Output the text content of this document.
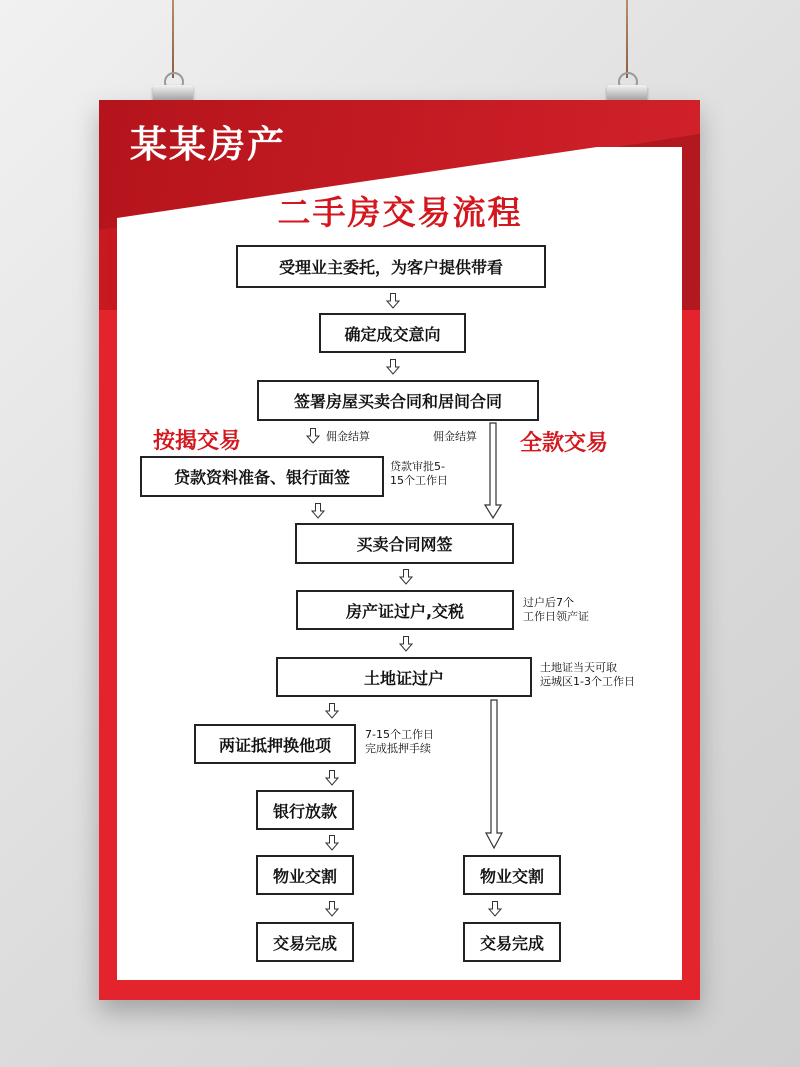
某某房产
二手房交易流程
受理业主委托，为客户提供带看
确定成交意向
签署房屋买卖合同和居间合同
贷款资料准备、银行面签
买卖合同网签
房产证过户,交税
土地证过户
两证抵押换他项
银行放款
物业交割
交易完成
物业交割
交易完成
按揭交易	全款交易
佣金结算	佣金结算
贷款审批5-
15个工作日
过户后7个
工作日领产证
土地证当天可取
远城区1-3个工作日
7-15个工作日
完成抵押手续
